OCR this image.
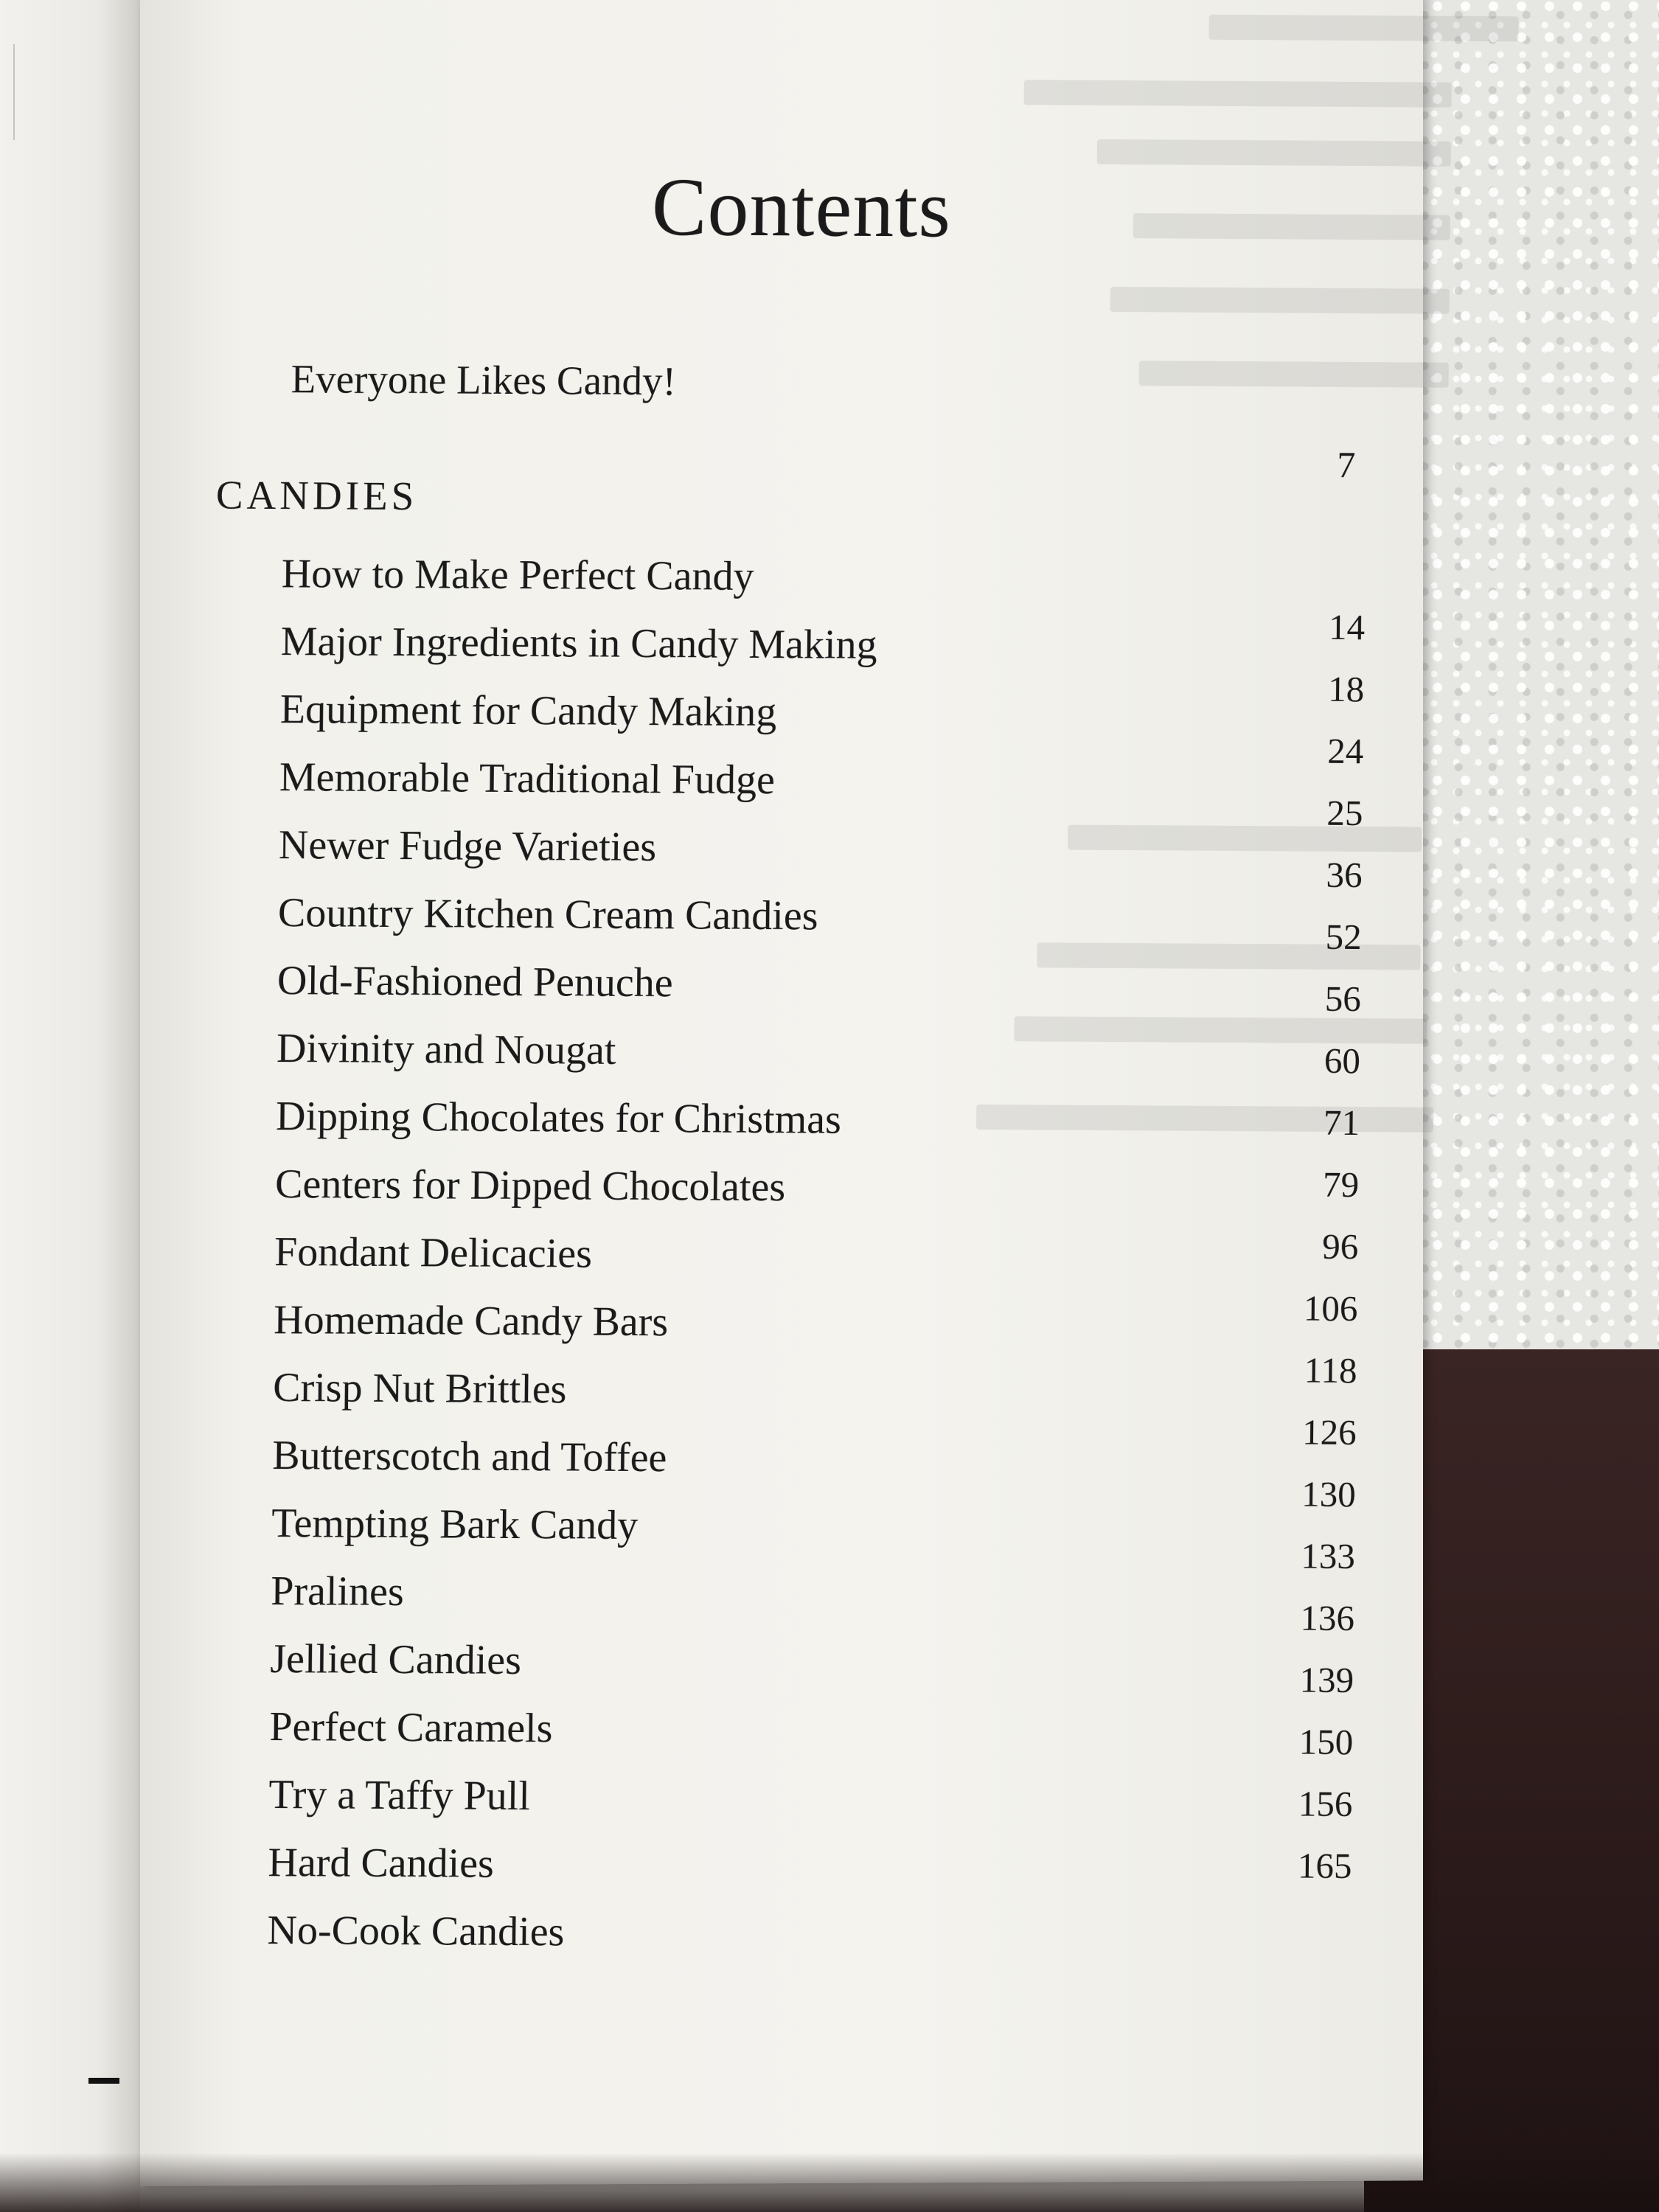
Contents
Everyone Likes Candy!
7
CANDIES
How to Make Perfect Candy
Major Ingredients in Candy Making
Equipment for Candy Making
Memorable Traditional Fudge
Newer Fudge Varieties
Country Kitchen Cream Candies
Old-Fashioned Penuche
Divinity and Nougat
Dipping Chocolates for Christmas
Centers for Dipped Chocolates
Fondant Delicacies
Homemade Candy Bars
Crisp Nut Brittles
Butterscotch and Toffee
Tempting Bark Candy
Pralines
Jellied Candies
Perfect Caramels
Try a Taffy Pull
Hard Candies
No-Cook Candies
14
18
24
25
36
52
56
60
71
79
96
106
118
126
130
133
136
139
150
156
165
